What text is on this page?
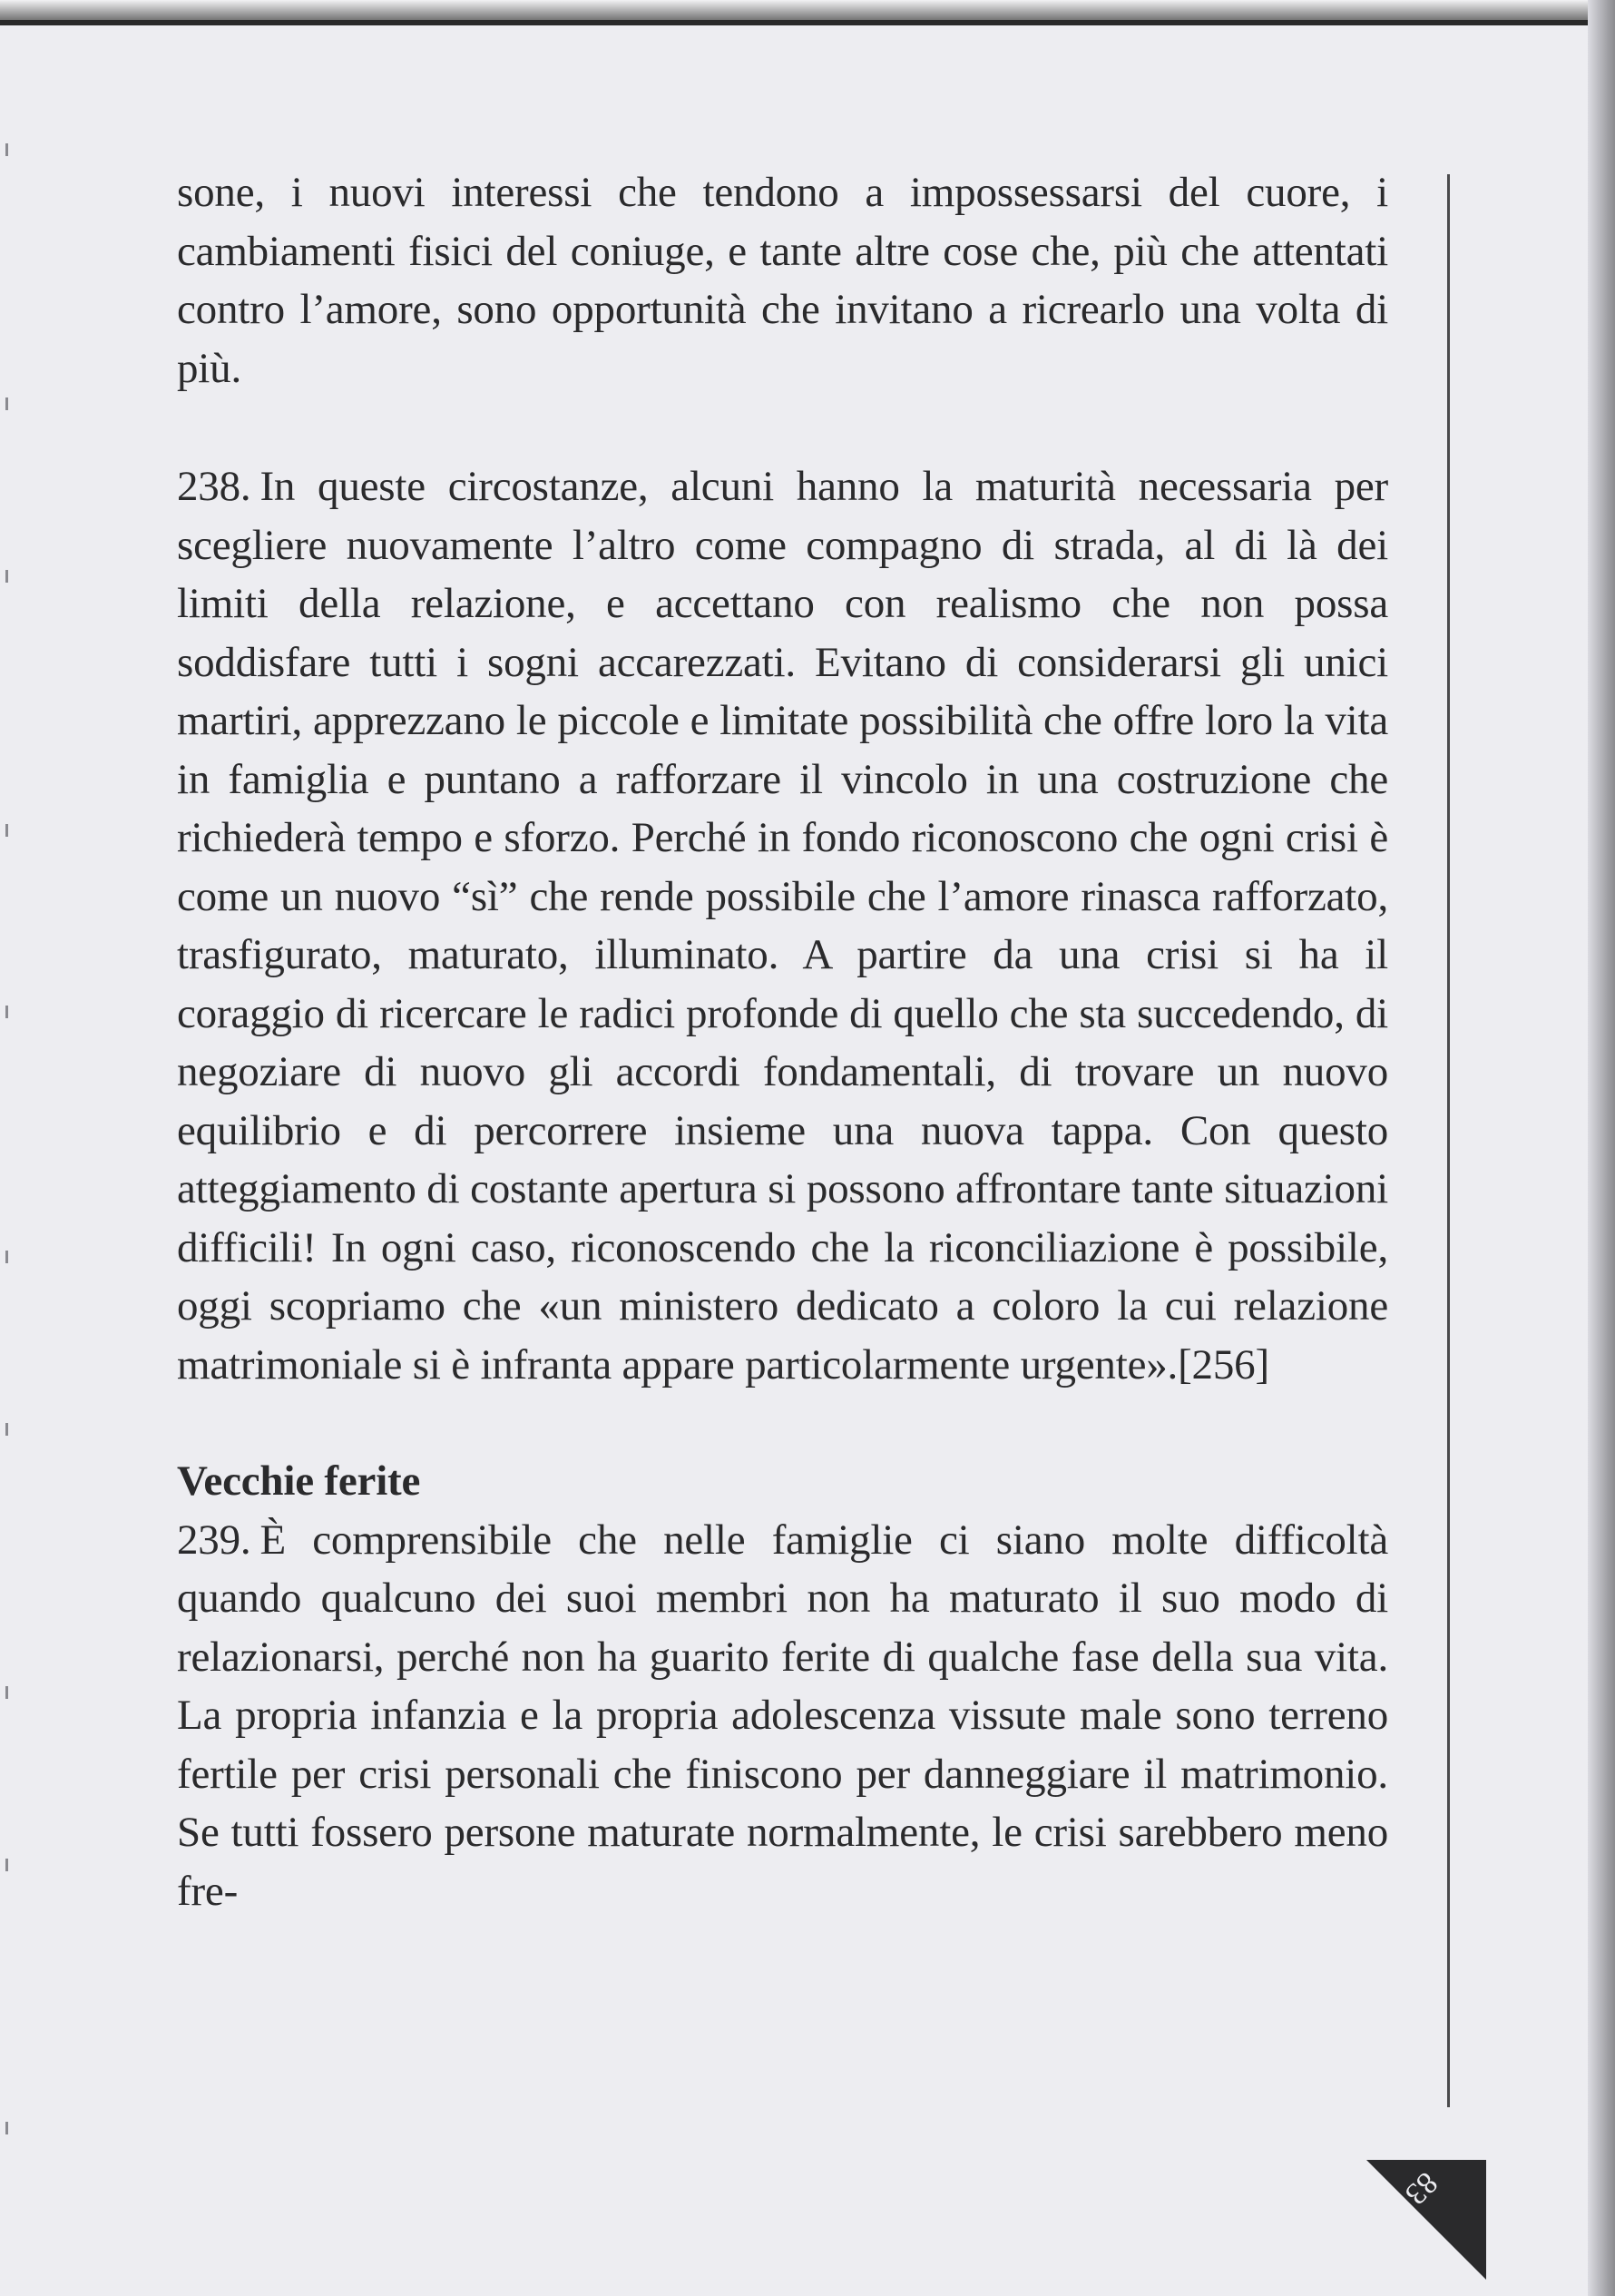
sone, i nuovi interessi che tendono a impossessarsi del cuore, i cambiamenti fisici del coniuge, e tante altre cose che, più che attentati contro l’amore, sono opportunità che invitano a ricrearlo una volta di più.

238. In queste circostanze, alcuni hanno la maturità necessaria per scegliere nuovamente l’altro come compagno di strada, al di là dei limiti della relazione, e accettano con realismo che non possa soddisfare tutti i sogni accarezzati. Evitano di considerarsi gli unici martiri, apprezzano le piccole e limitate possibilità che offre loro la vita in famiglia e puntano a rafforzare il vincolo in una costruzione che richiederà tempo e sforzo. Perché in fondo riconoscono che ogni crisi è come un nuovo “sì” che rende possibile che l’amore rinasca rafforzato, trasfigurato, maturato, illuminato. A partire da una crisi si ha il coraggio di ricercare le radici profonde di quello che sta succedendo, di negoziare di nuovo gli accordi fondamentali, di trovare un nuovo equilibrio e di percorrere insieme una nuova tappa. Con questo atteggiamento di costante apertura si possono affrontare tante situazioni difficili! In ogni caso, riconoscendo che la riconciliazione è possibile, oggi scopriamo che «un ministero dedicato a coloro la cui relazione matrimoniale si è infranta appare particolarmente urgente».[256]

Vecchie ferite

239. È comprensibile che nelle famiglie ci siano molte difficoltà quando qualcuno dei suoi membri non ha maturato il suo modo di relazionarsi, perché non ha guarito ferite di qualche fase della sua vita. La propria infanzia e la propria adolescenza vissute male sono terreno fertile per crisi personali che finiscono per danneggiare il matrimonio. Se tutti fossero persone maturate normalmente, le crisi sarebbero meno fre-

83
